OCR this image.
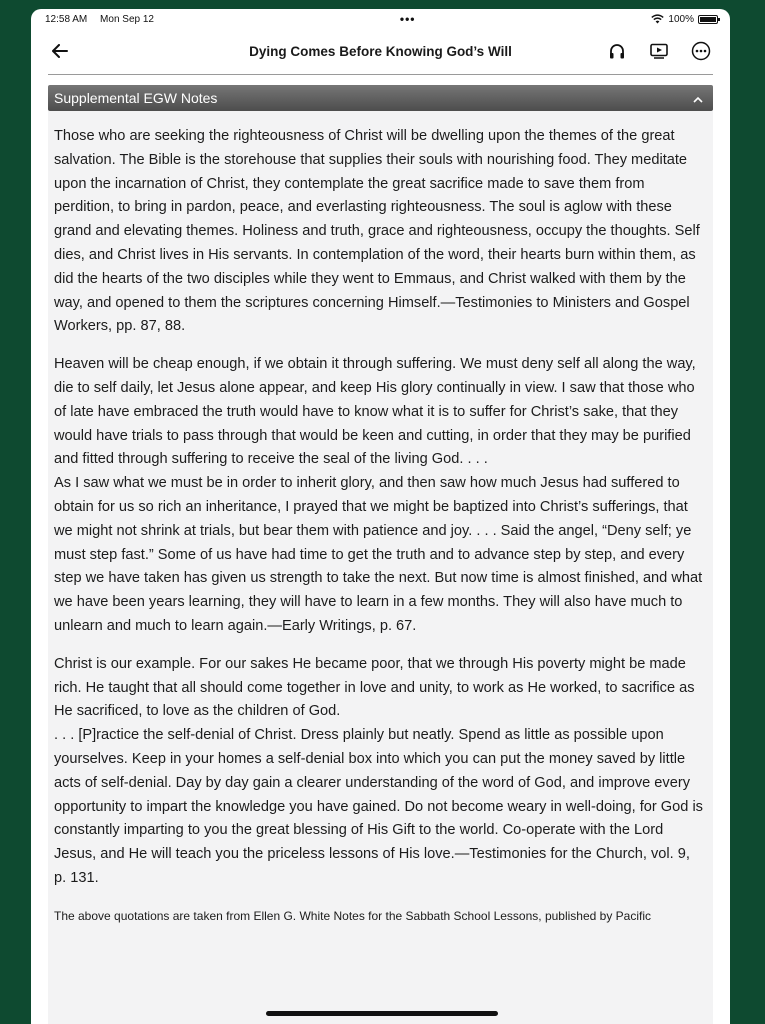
12:58 AM Mon Sep 12	•••	100%
Dying Comes Before Knowing God’s Will
Supplemental EGW Notes

Those who are seeking the righteousness of Christ will be dwelling upon the themes of the great salvation. The Bible is the storehouse that supplies their souls with nourishing food. They meditate upon the incarnation of Christ, they contemplate the great sacrifice made to save them from perdition, to bring in pardon, peace, and everlasting righteousness. The soul is aglow with these grand and elevating themes. Holiness and truth, grace and righteousness, occupy the thoughts. Self dies, and Christ lives in His servants. In contemplation of the word, their hearts burn within them, as did the hearts of the two disciples while they went to Emmaus, and Christ walked with them by the way, and opened to them the scriptures concerning Himself.—Testimonies to Ministers and Gospel Workers, pp. 87, 88.

Heaven will be cheap enough, if we obtain it through suffering. We must deny self all along the way, die to self daily, let Jesus alone appear, and keep His glory continually in view. I saw that those who of late have embraced the truth would have to know what it is to suffer for Christ’s sake, that they would have trials to pass through that would be keen and cutting, in order that they may be purified and fitted through suffering to receive the seal of the living God. . . .

As I saw what we must be in order to inherit glory, and then saw how much Jesus had suffered to obtain for us so rich an inheritance, I prayed that we might be baptized into Christ’s sufferings, that we might not shrink at trials, but bear them with patience and joy. . . . Said the angel, “Deny self; ye must step fast.” Some of us have had time to get the truth and to advance step by step, and every step we have taken has given us strength to take the next. But now time is almost finished, and what we have been years learning, they will have to learn in a few months. They will also have much to unlearn and much to learn again.—Early Writings, p. 67.

Christ is our example. For our sakes He became poor, that we through His poverty might be made rich. He taught that all should come together in love and unity, to work as He worked, to sacrifice as He sacrificed, to love as the children of God.

. . . [P]ractice the self-denial of Christ. Dress plainly but neatly. Spend as little as possible upon yourselves. Keep in your homes a self-denial box into which you can put the money saved by little acts of self-denial. Day by day gain a clearer understanding of the word of God, and improve every opportunity to impart the knowledge you have gained. Do not become weary in well-doing, for God is constantly imparting to you the great blessing of His Gift to the world. Co-operate with the Lord Jesus, and He will teach you the priceless lessons of His love.—Testimonies for the Church, vol. 9, p. 131.

The above quotations are taken from Ellen G. White Notes for the Sabbath School Lessons, published by Pacific
